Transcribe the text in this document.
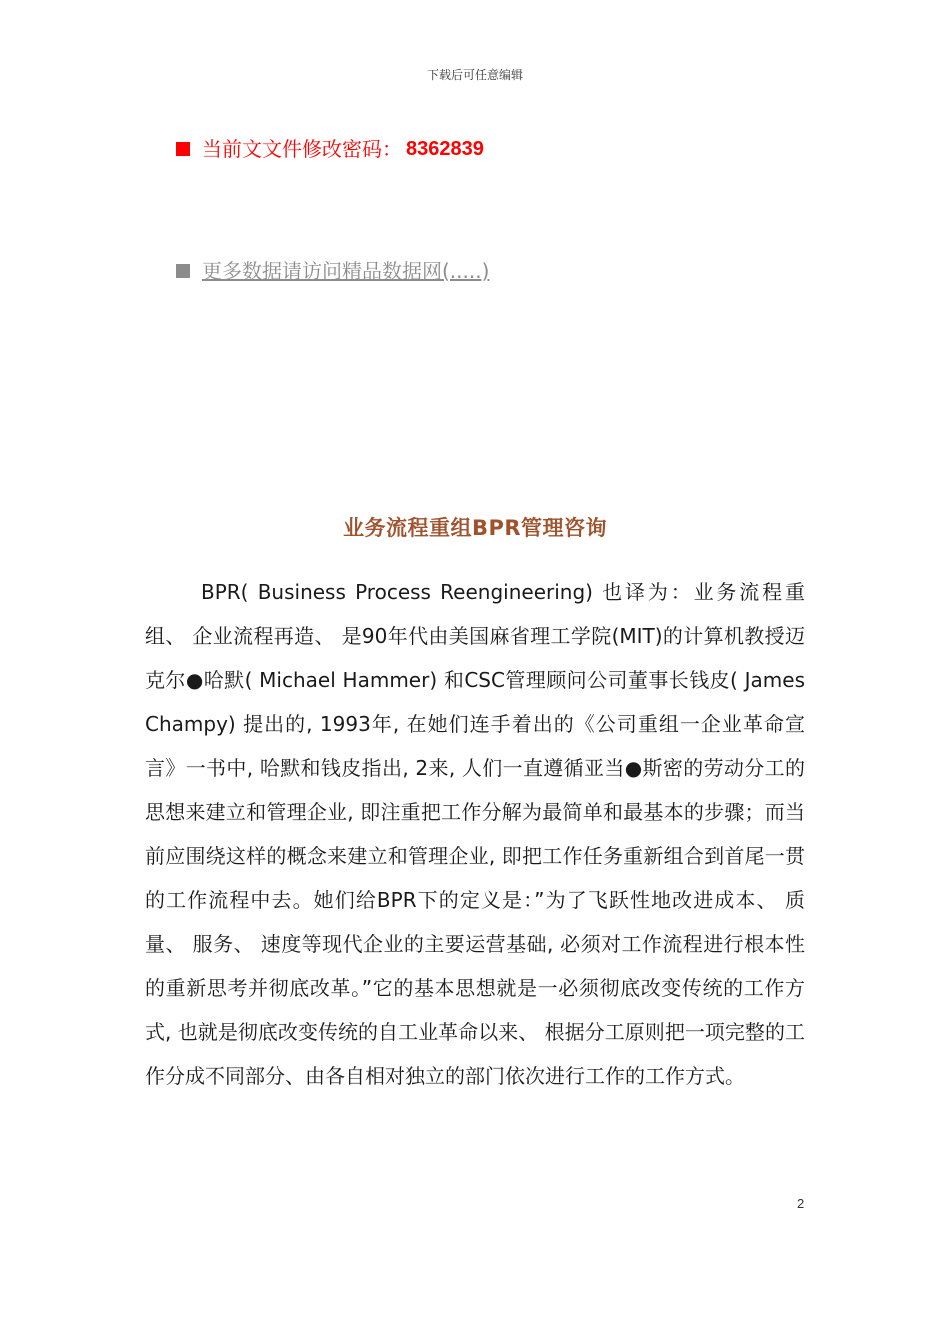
下载后可任意编辑
当前文文件修改密码： 8362839
更多数据请访问精品数据网(.....)
业务流程重组BPR管理咨询
BPR( Business Process Reengineering) 也译为：业务流程重组、 企业流程再造、 是90年代由美国麻省理工学院(MIT)的计算机教授迈克尔●哈默( Michael Hammer) 和CSC管理顾问公司董事长钱皮( James Champy) 提出的, 1993年, 在她们连手着出的《公司重组一企业革命宣言》一书中, 哈默和钱皮指出, 2来, 人们一直遵循亚当●斯密的劳动分工的思想来建立和管理企业, 即注重把工作分解为最简单和最基本的步骤；而当前应围绕这样的概念来建立和管理企业, 即把工作任务重新组合到首尾一贯的工作流程中去。她们给BPR下的定义是：”为了飞跃性地改进成本、 质量、 服务、 速度等现代企业的主要运营基础, 必须对工作流程进行根本性的重新思考并彻底改革。”它的基本思想就是一必须彻底改变传统的工作方式, 也就是彻底改变传统的自工业革命以来、 根据分工原则把一项完整的工作分成不同部分、由各自相对独立的部门依次进行工作的工作方式。
2
